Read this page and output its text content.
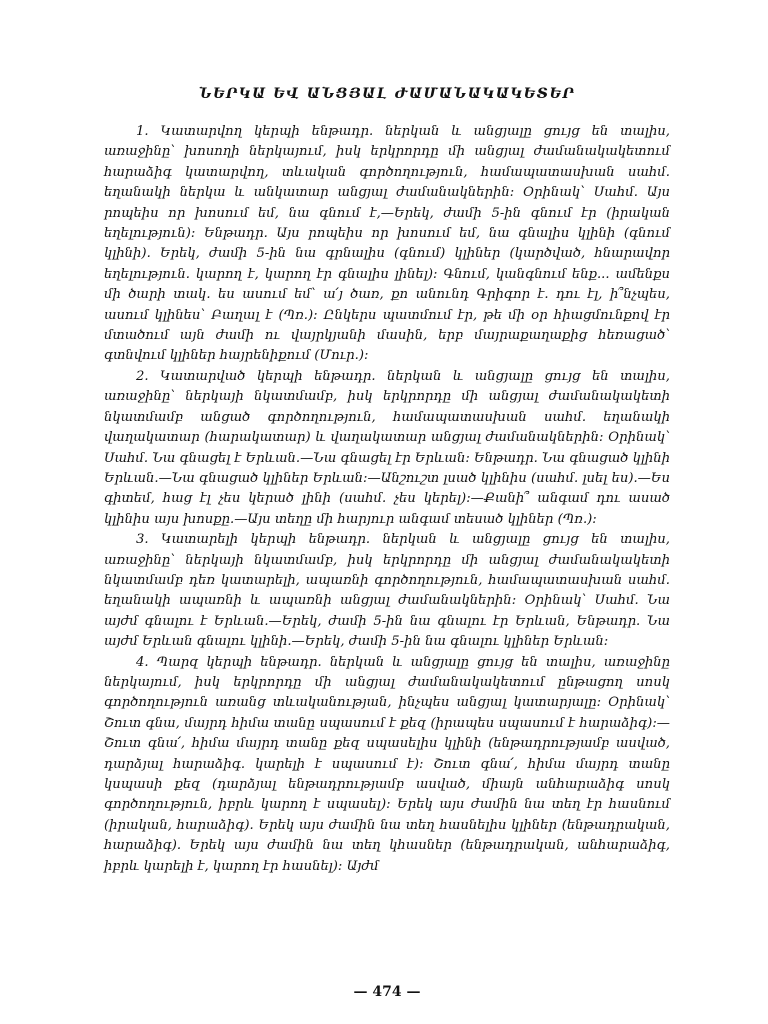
ՆԵՐԿԱ ԵՎ ԱՆՑՅԱԼ ԺԱՄԱՆԱԿԱԿԵՏԵՐ

1. Կատարվող կերպի ենթադր. ներկան և անցյալը ցույց են տալիս, առաջինը՝ խոսողի ներկայում, իսկ երկրորդը մի անցյալ ժամանակակետում հարաձիգ կատարվող, տևական գործողություն, համապատասխան սահմ. եղանակի ներկա և անկատար անցյալ ժամանակներին։ Օրինակ՝ Սահմ. Այս րոպեիս որ խոսում եմ, նա գնում է,—Երեկ, ժամի 5-ին գնում էր (իրական եղելություն)։ Ենթադր. Այս րոպեիս որ խոսում եմ, նա գնալիս կլինի (գնում կլինի). Երեկ, ժամի 5-ին նա գրնալիս (գնում) կլիներ (կարծված, հնարավոր եղելություն. կարող է, կարող էր գնալիս լինել)։ Գնում, կանգնում ենք... ամենքս մի ծարի տակ. ես ասում եմ՝ ա՛յ ծառ, քո անունդ Գրիգոր է. դու էլ, ի՞նչպես, ասում կլինես՝ Բաղալ է (Պռ.)։ Ընկերս պատմում էր, թե մի օր հիացմունքով էր մտածում այն ժամի ու վայրկյանի մասին, երբ մայրաքաղաքից հեռացած՝ գտնվում կլիներ հայրենիքում (Մուր.)։

2. Կատարված կերպի ենթադր. ներկան և անցյալը ցույց են տալիս, առաջինը՝ ներկայի նկատմամբ, իսկ երկրորդը մի անցյալ ժամանակակետի նկատմամբ անցած գործողություն, համապատասխան սահմ. եղանակի վաղակատար (հարակատար) և վաղակատար անցյալ ժամանակներին։ Օրինակ՝ Սահմ. Նա գնացել է Երևան.—Նա գնացել էր Երևան։ Ենթադր. Նա գնացած կլինի Երևան.—Նա գնացած կլիներ Երևան։—Անշուշտ լսած կլինիս (սահմ. լսել ես).—Ես գիտեմ, հաց էլ չես կերած լինի (սահմ. չես կերել)։—Քանի՞ անգամ դու ասած կլինիս այս խոսքը.—Այս տեղը մի հարյուր անգամ տեսած կլիներ (Պռ.)։

3. Կատարելի կերպի ենթադր. ներկան և անցյալը ցույց են տալիս, առաջինը՝ ներկայի նկատմամբ, իսկ երկրորդը մի անցյալ ժամանակակետի նկատմամբ դեռ կատարելի, ապառնի գործողություն, համապատասխան սահմ. եղանակի ապառնի և ապառնի անցյալ ժամանակներին։ Օրինակ՝ Սահմ. Նա այժմ գնալու է Երևան.—Երեկ, ժամի 5-ին նա գնալու էր Երևան, Ենթադր. Նա այժմ Երևան գնալու կլինի.—Երեկ, ժամի 5-ին նա գնալու կլիներ Երևան։

4. Պարզ կերպի ենթադր. ներկան և անցյալը ցույց են տալիս, առաջինը ներկայում, իսկ երկրորդը մի անցյալ ժամանակակետում ընթացող սոսկ գործողություն առանց տևականության, ինչպես անցյալ կատարյալը։ Օրինակ՝ Շուտ գնա, մայրդ հիմա տանը սպասում է քեզ (իրապես սպասում է հարաձիգ)։— Շուտ գնա՛, հիմա մայրդ տանը քեզ սպասելիս կլինի (ենթադրությամբ ասված, դարձյալ հարաձիգ. կարելի է սպասում է)։ Շուտ գնա՛, հիմա մայրդ տանը կսպասի քեզ (դարձյալ ենթադրությամբ ասված, միայն անհարաձիգ սոսկ գործողություն, իբրև կարող է սպասել)։ Երեկ այս ժամին նա տեղ էր հասնում (իրական, հարաձիգ). Երեկ այս ժամին նա տեղ հասնելիս կլիներ (ենթադրական, հարաձիգ). Երեկ այս ժամին նա տեղ կհասներ (ենթադրական, անհարաձիգ, իբրև կարելի է, կարող էր հասնել)։ Այժմ

— 474 —
